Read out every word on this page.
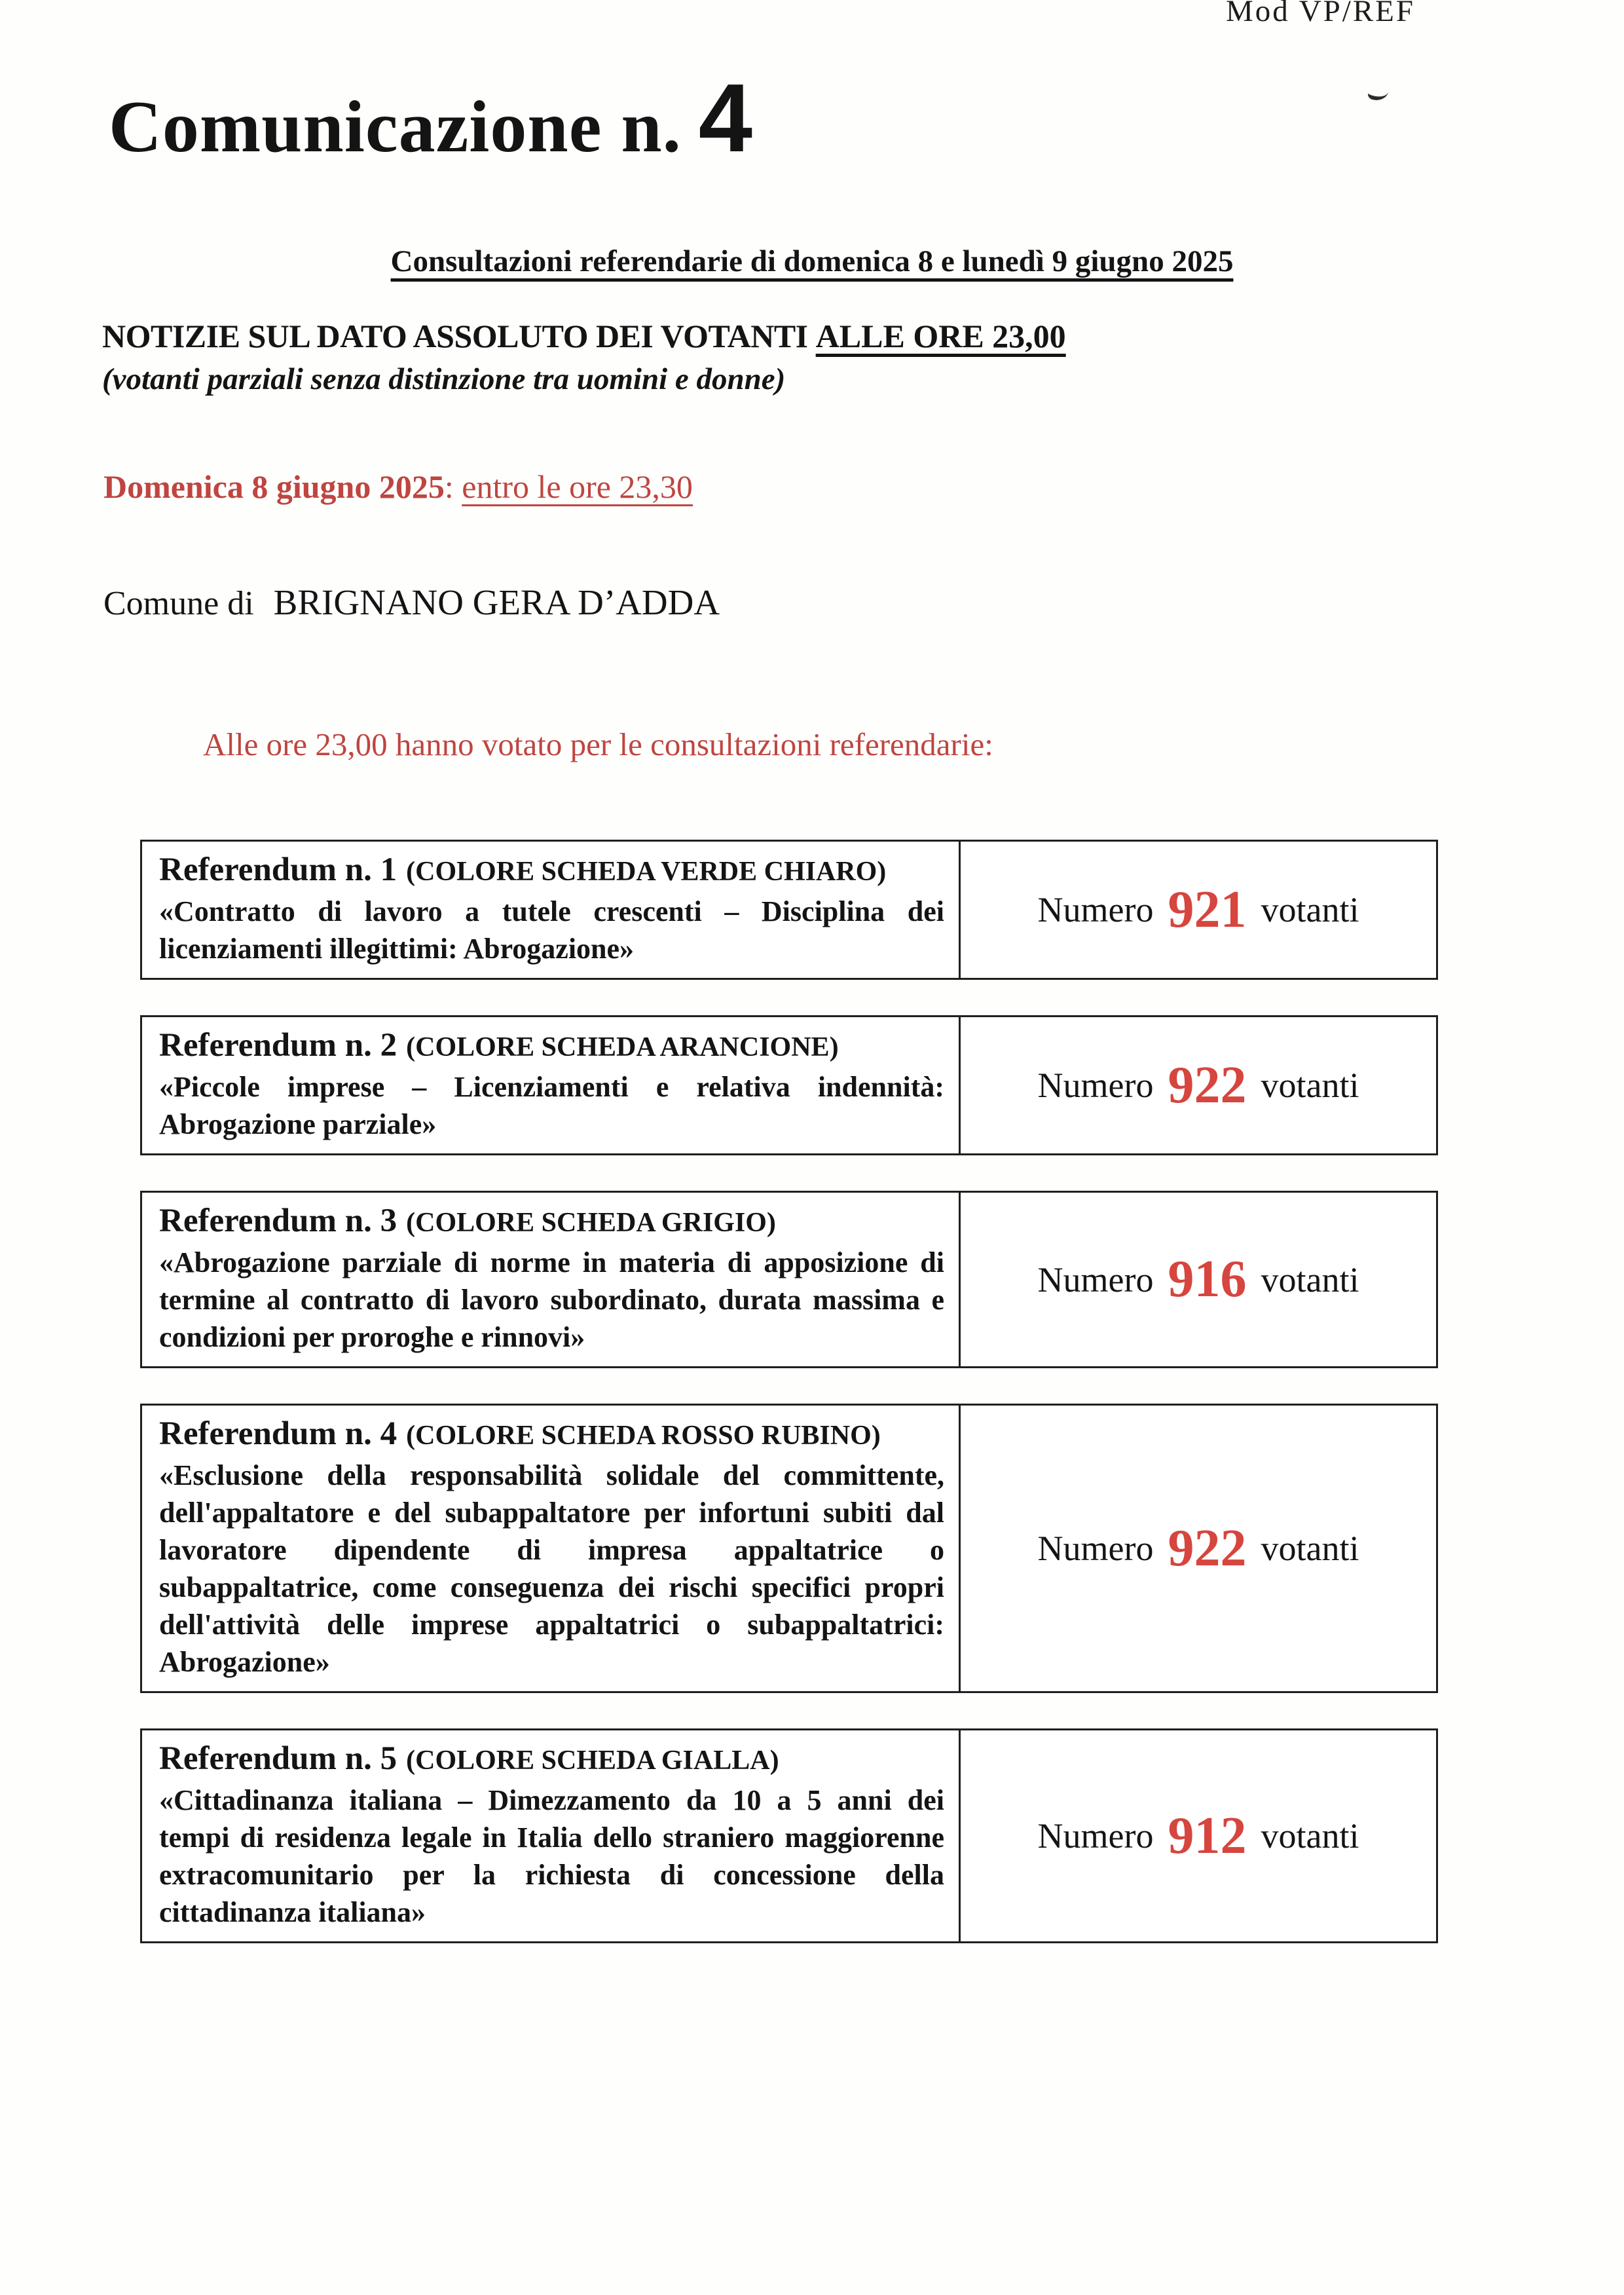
Mod VP/REF
Comunicazione n. 4
Consultazioni referendarie di domenica 8 e lunedì 9 giugno 2025
NOTIZIE SUL DATO ASSOLUTO DEI VOTANTI ALLE ORE 23,00
(votanti parziali senza distinzione tra uomini e donne)
Domenica 8 giugno 2025: entro le ore 23,30
Comune di BRIGNANO GERA D’ADDA
Alle ore 23,00 hanno votato per le consultazioni referendarie:
Referendum n. 1 (COLORE SCHEDA VERDE CHIARO)
«Contratto di lavoro a tutele crescenti – Disciplina dei licenziamenti illegittimi: Abrogazione»
Numero 921 votanti
Referendum n. 2 (COLORE SCHEDA ARANCIONE)
«Piccole imprese – Licenziamenti e relativa indennità: Abrogazione parziale»
Numero 922 votanti
Referendum n. 3 (COLORE SCHEDA GRIGIO)
«Abrogazione parziale di norme in materia di apposizione di termine al contratto di lavoro subordinato, durata massima e condizioni per proroghe e rinnovi»
Numero 916 votanti
Referendum n. 4 (COLORE SCHEDA ROSSO RUBINO)
«Esclusione della responsabilità solidale del committente, dell'appaltatore e del subappaltatore per infortuni subiti dal lavoratore dipendente di impresa appaltatrice o subappaltatrice, come conseguenza dei rischi specifici propri dell'attività delle imprese appaltatrici o subappaltatrici: Abrogazione»
Numero 922 votanti
Referendum n. 5 (COLORE SCHEDA GIALLA)
«Cittadinanza italiana – Dimezzamento da 10 a 5 anni dei tempi di residenza legale in Italia dello straniero maggiorenne extracomunitario per la richiesta di concessione della cittadinanza italiana»
Numero 912 votanti
